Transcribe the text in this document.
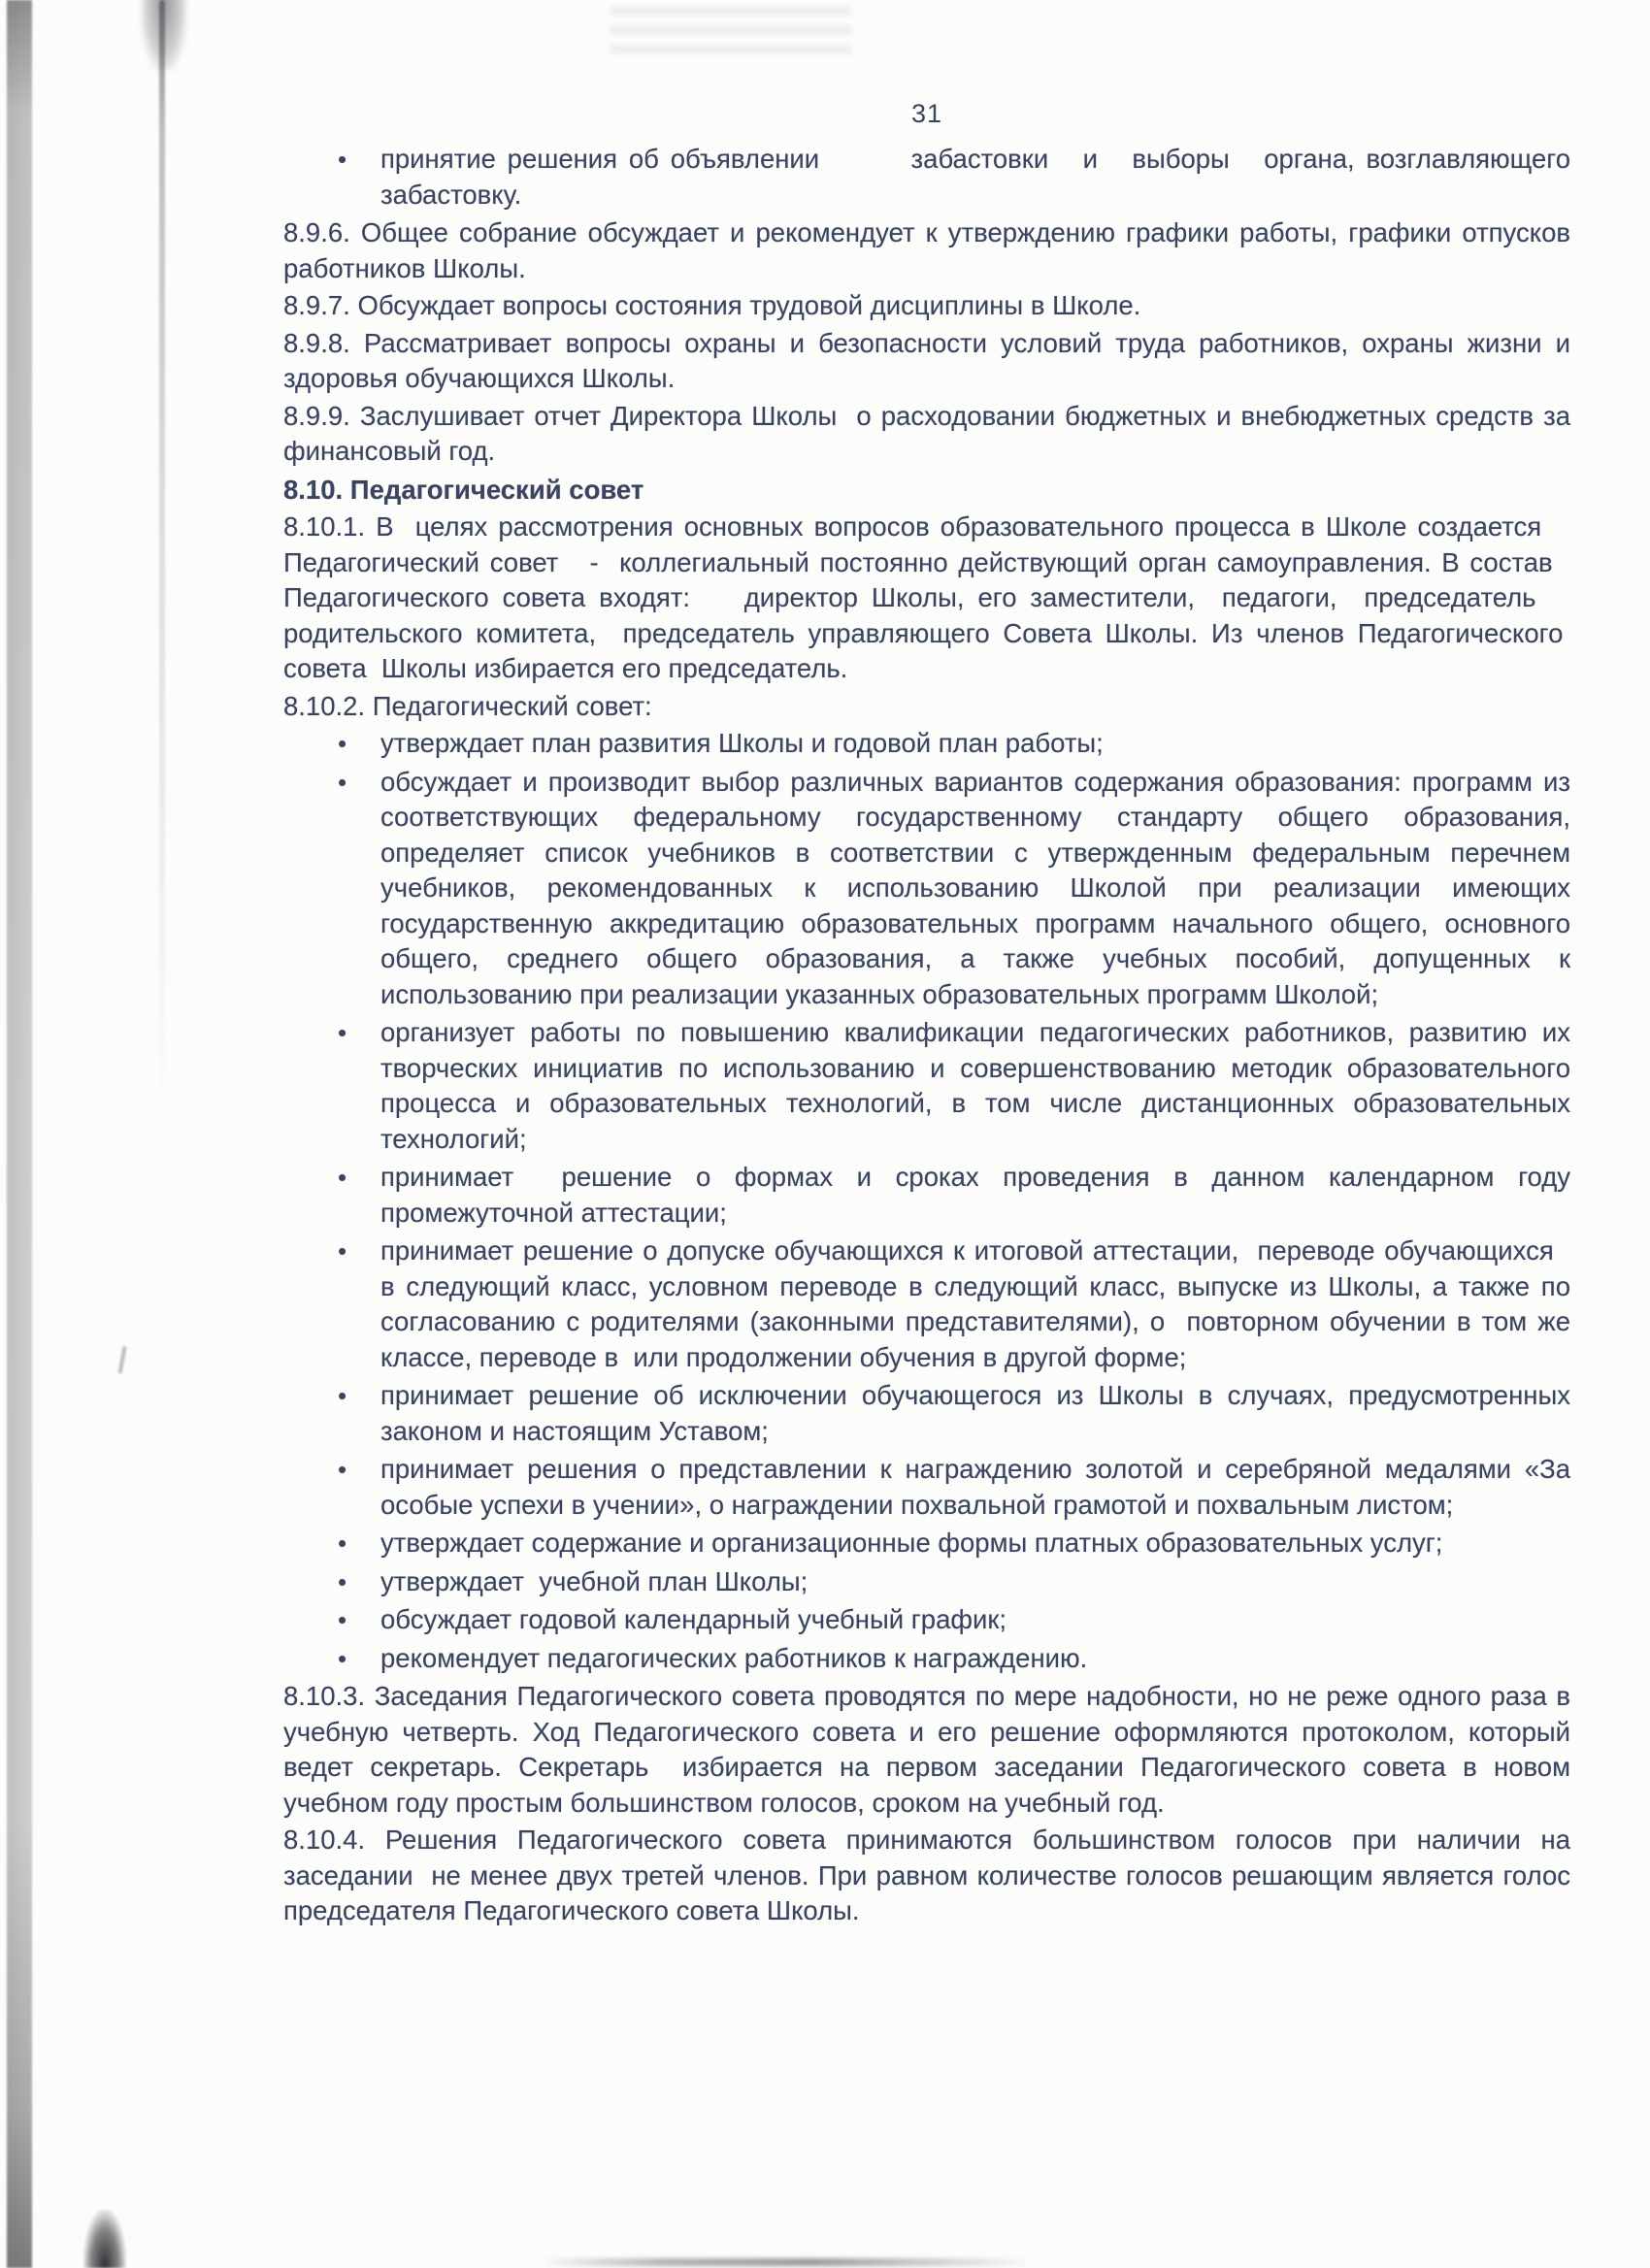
31
•	принятие решения об объявлении        забастовки   и   выборы   органа, возглавляющего забастовку.

8.9.6. Общее собрание обсуждает и рекомендует к утверждению графики работы, графики отпусков работников Школы.

8.9.7. Обсуждает вопросы состояния трудовой дисциплины в Школе.

8.9.8. Рассматривает вопросы охраны и безопасности условий труда работников, охраны жизни и здоровья обучающихся Школы.

8.9.9. Заслушивает отчет Директора Школы  о расходовании бюджетных и внебюджетных средств за финансовый год.

8.10. Педагогический совет

8.10.1. В  целях рассмотрения основных вопросов образовательного процесса в Школе создается    Педагогический совет   -  коллегиальный постоянно действующий орган самоуправления. В состав   Педагогического совета входят:    директор Школы, его заместители,  педагоги,  председатель    родительского комитета,  председатель управляющего Совета Школы. Из членов Педагогического  совета  Школы избирается его председатель.

8.10.2. Педагогический совет:

•	утверждает план развития Школы и годовой план работы;
•	обсуждает и производит выбор различных вариантов содержания образования: программ из соответствующих федеральному государственному стандарту общего образования, определяет список учебников в соответствии с утвержденным федеральным перечнем учебников, рекомендованных к использованию Школой при реализации имеющих государственную аккредитацию образовательных программ начального общего, основного общего, среднего общего образования, а также учебных пособий, допущенных к использованию при реализации указанных образовательных программ Школой;
•	организует работы по повышению квалификации педагогических работников, развитию их творческих инициатив по использованию и совершенствованию методик образовательного процесса и образовательных технологий, в том числе дистанционных образовательных технологий;
•	принимает  решение о формах и сроках проведения в данном календарном году промежуточной аттестации;
•	принимает решение о допуске обучающихся к итоговой аттестации,  переводе обучающихся   в следующий класс, условном переводе в следующий класс, выпуске из Школы, а также по согласованию с родителями (законными представителями), о  повторном обучении в том же классе, переводе в  или продолжении обучения в другой форме;
•	принимает решение об исключении обучающегося из Школы в случаях, предусмотренных законом и настоящим Уставом;
•	принимает решения о представлении к награждению золотой и серебряной медалями «За особые успехи в учении», о награждении похвальной грамотой и похвальным листом;
•	утверждает содержание и организационные формы платных образовательных услуг;
•	утверждает  учебной план Школы;
•	обсуждает годовой календарный учебный график;
•	рекомендует педагогических работников к награждению.

8.10.3. Заседания Педагогического совета проводятся по мере надобности, но не реже одного раза в учебную четверть. Ход Педагогического совета и его решение оформляются протоколом, который ведет секретарь. Секретарь  избирается на первом заседании Педагогического совета в новом учебном году простым большинством голосов, сроком на учебный год.

8.10.4. Решения Педагогического совета принимаются большинством голосов при наличии на заседании  не менее двух третей членов. При равном количестве голосов решающим является голос председателя Педагогического совета Школы.
